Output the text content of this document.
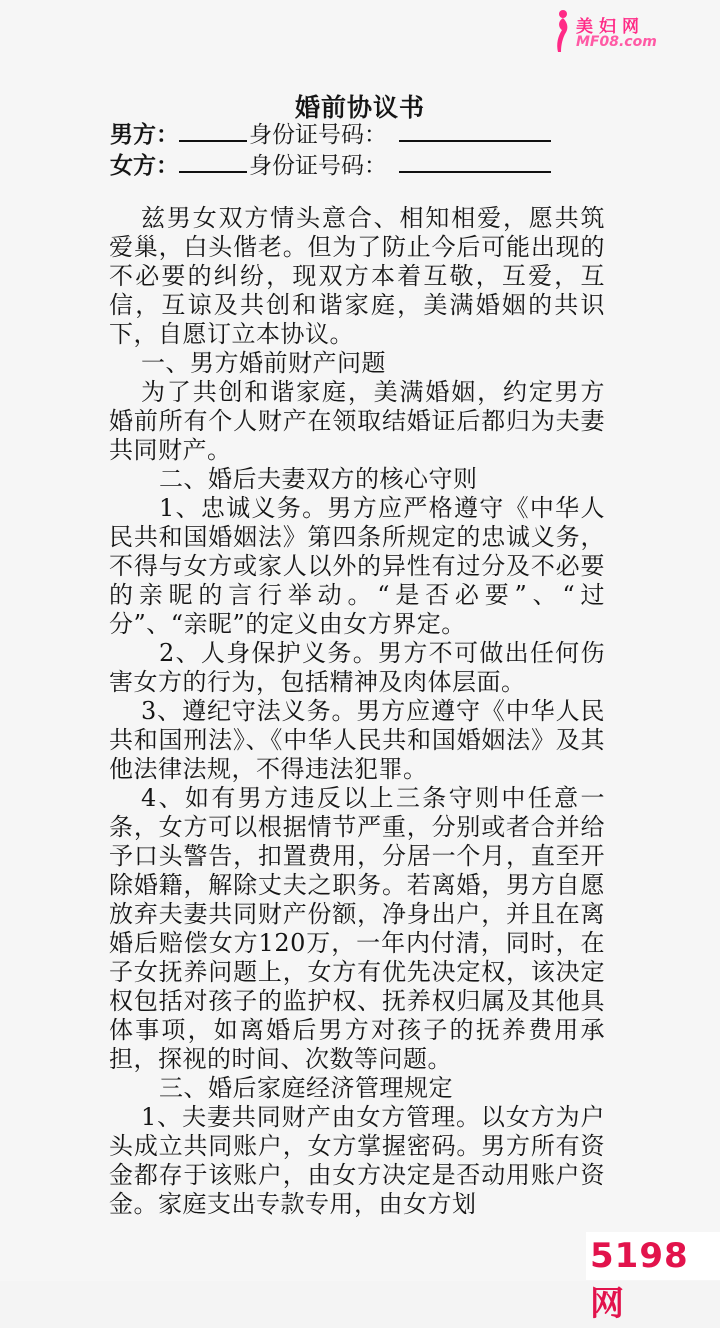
美妇网
MF08.com
婚前协议书
男方：	身份证号码：
女方：	身份证号码：

兹男女双方情头意合、相知相爱，愿共筑爱巢，白头偕老。但为了防止今后可能出现的不必要的纠纷，现双方本着互敬，互爱，互信，互谅及共创和谐家庭，美满婚姻的共识下，自愿订立本协议。

一、男方婚前财产问题

为了共创和谐家庭，美满婚姻，约定男方婚前所有个人财产在领取结婚证后都归为夫妻共同财产。

二、婚后夫妻双方的核心守则

1、忠诚义务。男方应严格遵守《中华人民共和国婚姻法》第四条所规定的忠诚义务，不得与女方或家人以外的异性有过分及不必要的亲昵的言行举动。“是否必要”、“过分”、“亲昵”的定义由女方界定。

2、人身保护义务。男方不可做出任何伤害女方的行为，包括精神及肉体层面。

3、遵纪守法义务。男方应遵守《中华人民共和国刑法》、《中华人民共和国婚姻法》及其他法律法规，不得违法犯罪。

4、如有男方违反以上三条守则中任意一条，女方可以根据情节严重，分别或者合并给予口头警告，扣置费用，分居一个月，直至开除婚籍，解除丈夫之职务。若离婚，男方自愿放弃夫妻共同财产份额，净身出户，并且在离婚后赔偿女方120万，一年内付清，同时，在子女抚养问题上，女方有优先决定权，该决定权包括对孩子的监护权、抚养权归属及其他具体事项，如离婚后男方对孩子的抚养费用承担，探视的时间、次数等问题。

三、婚后家庭经济管理规定

1、夫妻共同财产由女方管理。以女方为户头成立共同账户，女方掌握密码。男方所有资金都存于该账户，由女方决定是否动用账户资金。家庭支出专款专用，由女方划

5198网
